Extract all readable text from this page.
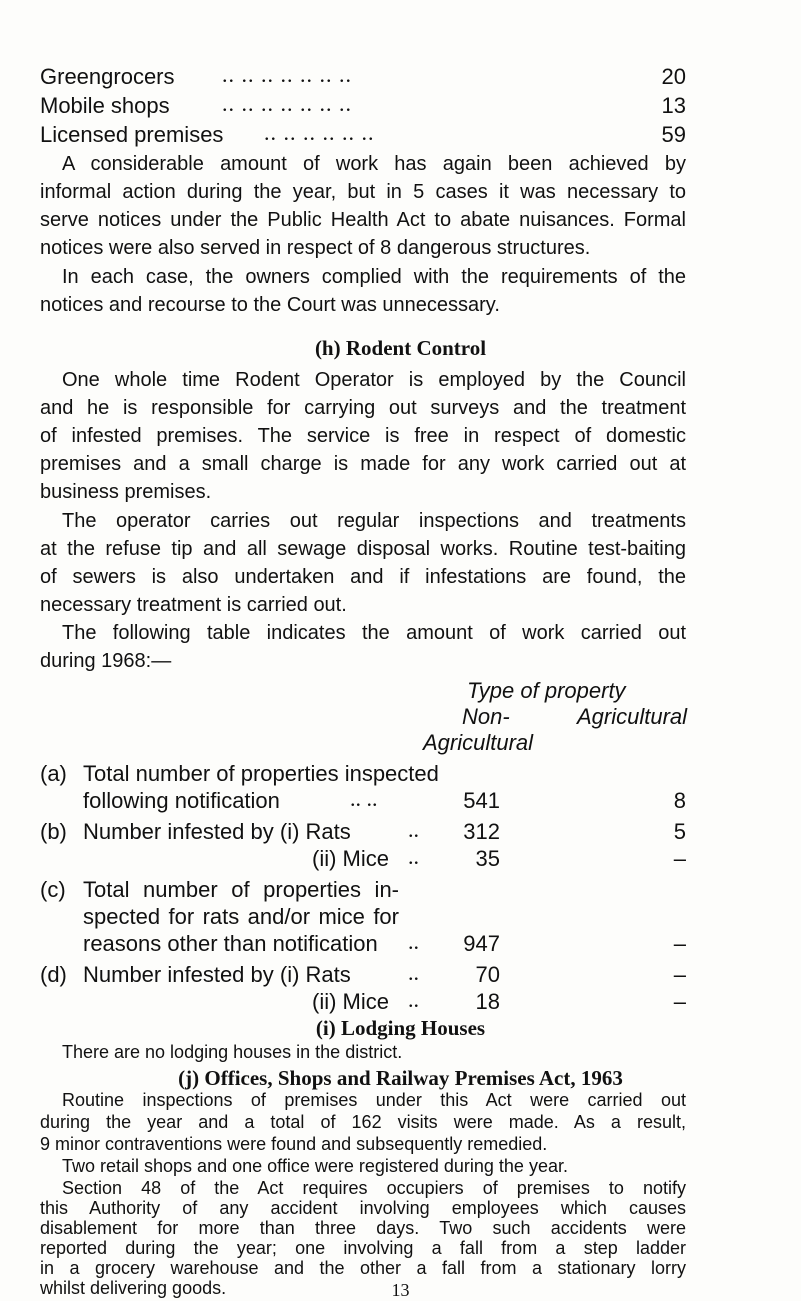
Greengrocers .. .. .. .. .. .. ..	20
Mobile shops .. .. .. .. .. .. ..	13
Licensed premises .. .. .. .. .. ..	59
A considerable amount of work has again been achieved by
informal action during the year, but in 5 cases it was necessary to
serve notices under the Public Health Act to abate nuisances. Formal
notices were also served in respect of 8 dangerous structures.
In each case, the owners complied with the requirements of the
notices and recourse to the Court was unnecessary.
(h) Rodent Control
One whole time Rodent Operator is employed by the Council
and he is responsible for carrying out surveys and the treatment
of infested premises. The service is free in respect of domestic
premises and a small charge is made for any work carried out at
business premises.
The operator carries out regular inspections and treatments
at the refuse tip and all sewage disposal works. Routine test-baiting
of sewers is also undertaken and if infestations are found, the
necessary treatment is carried out.
The following table indicates the amount of work carried out
during 1968:—
Type of property
Non-	Agricultural
Agricultural
(a) Total number of properties inspected
following notification	.. ..	541	8
(b) Number infested by (i) Rats	..	312	5
(ii) Mice ..	35	–
(c) Total number of properties in-
spected for rats and/or mice for
reasons other than notification ..	947	–
(d) Number infested by (i) Rats	..	70	–
(ii) Mice ..	18	–
(i) Lodging Houses
There are no lodging houses in the district.
(j) Offices, Shops and Railway Premises Act, 1963
Routine inspections of premises under this Act were carried out
during the year and a total of 162 visits were made. As a result,
9 minor contraventions were found and subsequently remedied.
Two retail shops and one office were registered during the year.
Section 48 of the Act requires occupiers of premises to notify
this Authority of any accident involving employees which causes
disablement for more than three days. Two such accidents were
reported during the year; one involving a fall from a step ladder
in a grocery warehouse and the other a fall from a stationary lorry
whilst delivering goods.	13
